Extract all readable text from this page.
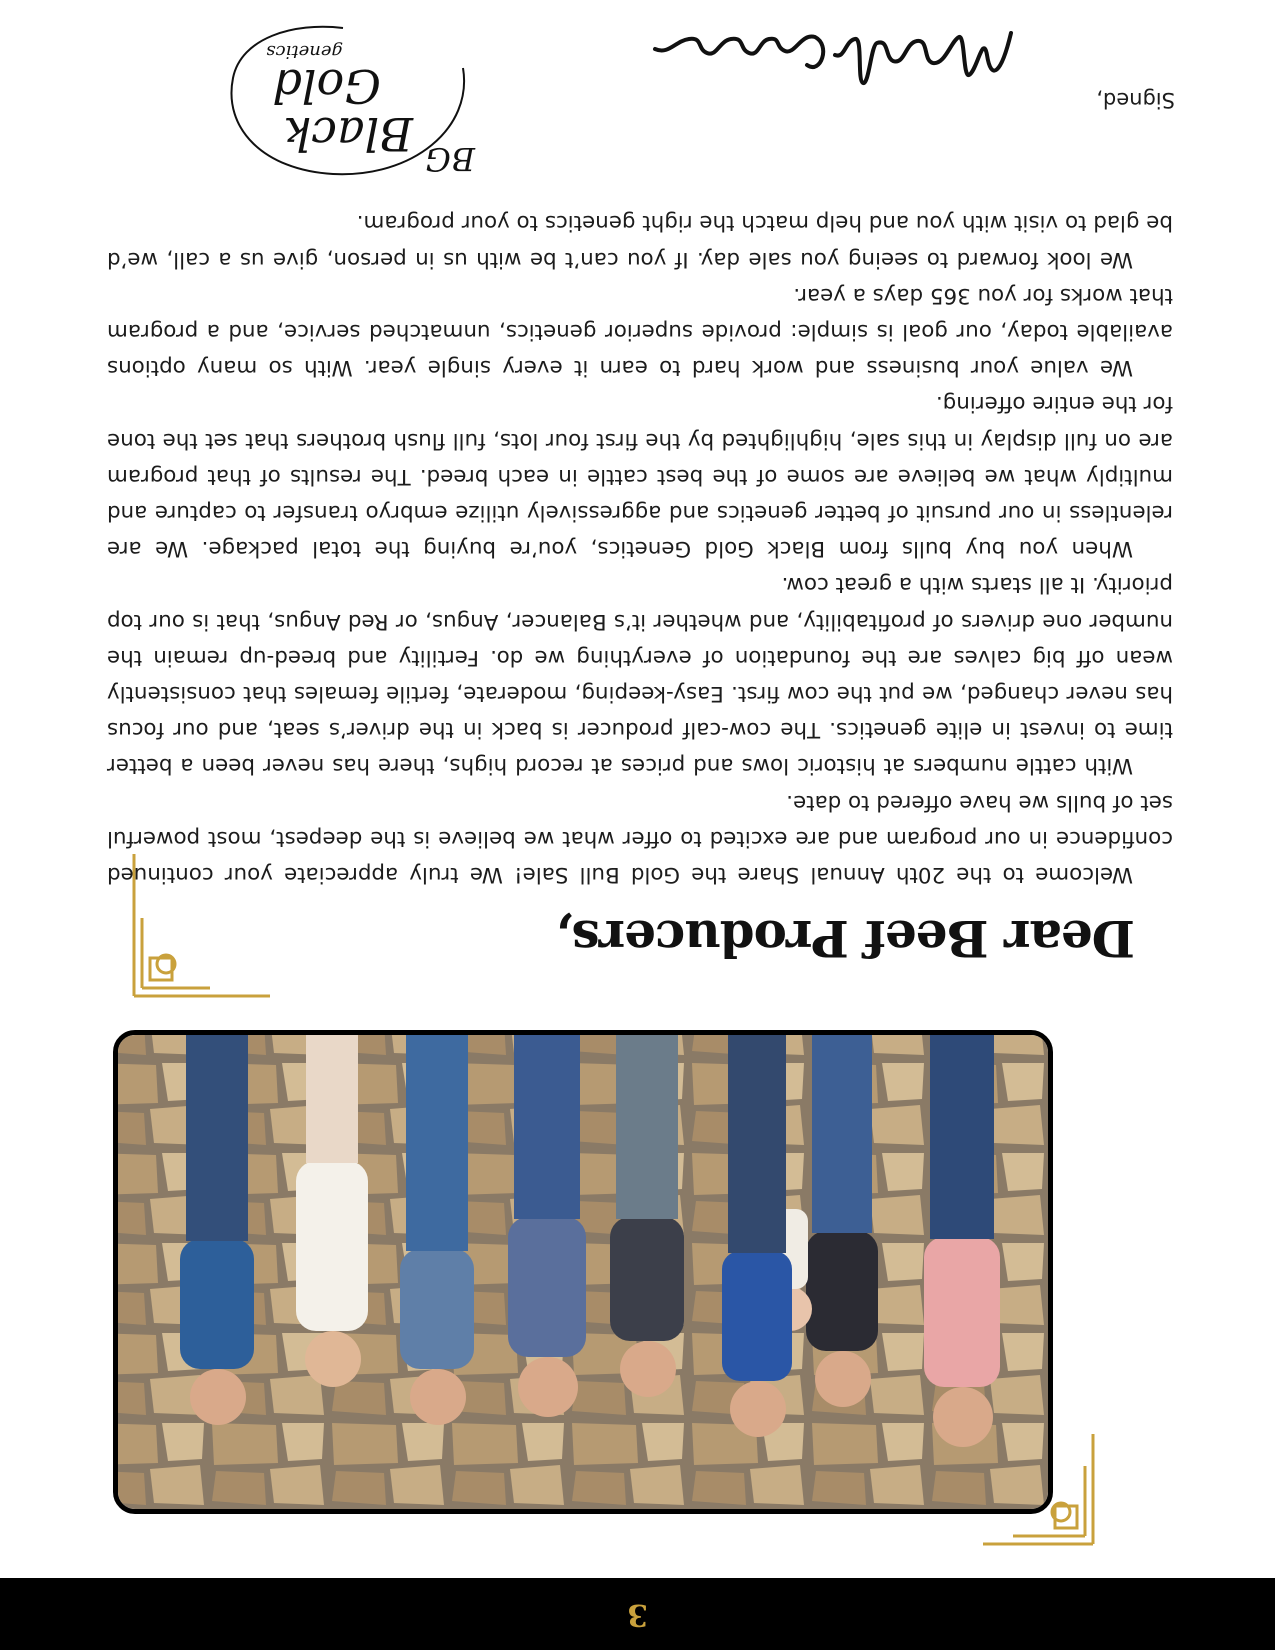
3
Dear Beef Producers,

Welcome to the 20th Annual Share the Gold Bull Sale! We truly appreciate your continued confidence in our program and are excited to offer what we believe is the deepest, most powerful set of bulls we have offered to date.

With cattle numbers at historic lows and prices at record highs, there has never been a better time to invest in elite genetics. The cow-calf producer is back in the driver’s seat, and our focus has never changed, we put the cow first. Easy-keeping, moderate, fertile females that consistently wean off big calves are the foundation of everything we do. Fertility and breed-up remain the number one drivers of profitability, and whether it’s Balancer, Angus, or Red Angus, that is our top priority. It all starts with a great cow.

When you buy bulls from Black Gold Genetics, you’re buying the total package. We are relentless in our pursuit of better genetics and aggressively utilize embryo transfer to capture and multiply what we believe are some of the best cattle in each breed. The results of that program are on full display in this sale, highlighted by the first four lots, full flush brothers that set the tone for the entire offering.

We value your business and work hard to earn it every single year. With so many options available today, our goal is simple: provide superior genetics, unmatched service, and a program that works for you 365 days a year.

We look forward to seeing you sale day. If you can’t be with us in person, give us a call, we’d be glad to visit with you and help match the right genetics to your program.

Signed,
Black
Gold
genetics
BG
